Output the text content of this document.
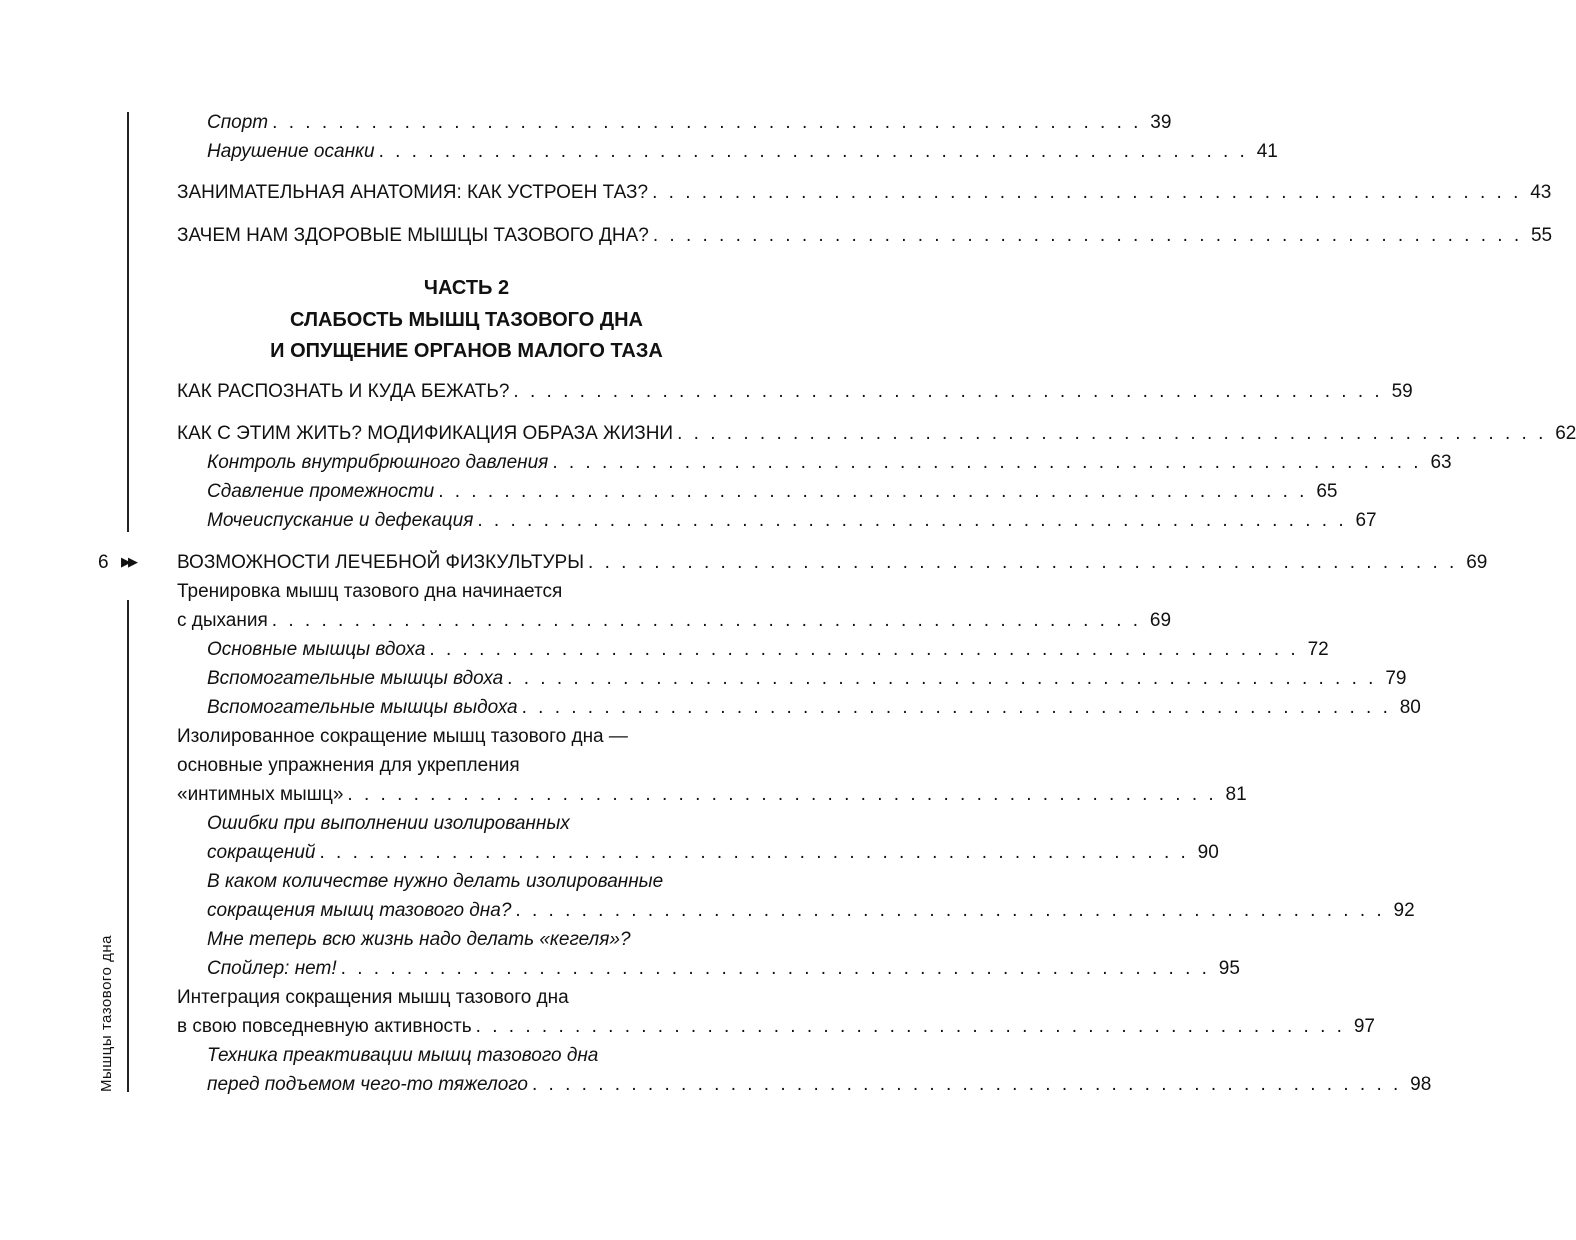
6 ▶▶
Мышцы тазового дна
Спорт . . . . . . . . . . . . . . . . . . . . . . . . . . . . . . . . . . . . . . . . . . . . . . . . . . . . . 39
Нарушение осанки . . . . . . . . . . . . . . . . . . . . . . . . . . . . . . . . . . . . . . . . . . . . . . . . . . . . . 41
ЗАНИМАТЕЛЬНАЯ АНАТОМИЯ: КАК УСТРОЕН ТАЗ? . . . . . . . . . . . . . . . . . . . . . . . . . . . . . . . . . . . . . . . . . . . . . . . . . . . . . 43
ЗАЧЕМ НАМ ЗДОРОВЫЕ МЫШЦЫ ТАЗОВОГО ДНА? . . . . . . . . . . . . . . . . . . . . . . . . . . . . . . . . . . . . . . . . . . . . . . . . . . . . . 55
ЧАСТЬ 2
СЛАБОСТЬ МЫШЦ ТАЗОВОГО ДНА
И ОПУЩЕНИЕ ОРГАНОВ МАЛОГО ТАЗА
КАК РАСПОЗНАТЬ И КУДА БЕЖАТЬ? . . . . . . . . . . . . . . . . . . . . . . . . . . . . . . . . . . . . . . . . . . . . . . . . . . . . . 59
КАК С ЭТИМ ЖИТЬ? МОДИФИКАЦИЯ ОБРАЗА ЖИЗНИ . . . . . . . . . . . . . . . . . . . . . . . . . . . . . . . . . . . . . . . . . . . . . . . . . . . . . 62
Контроль внутрибрюшного давления . . . . . . . . . . . . . . . . . . . . . . . . . . . . . . . . . . . . . . . . . . . . . . . . . . . . . 63
Сдавление промежности . . . . . . . . . . . . . . . . . . . . . . . . . . . . . . . . . . . . . . . . . . . . . . . . . . . . . 65
Мочеиспускание и дефекация . . . . . . . . . . . . . . . . . . . . . . . . . . . . . . . . . . . . . . . . . . . . . . . . . . . . . 67
ВОЗМОЖНОСТИ ЛЕЧЕБНОЙ ФИЗКУЛЬТУРЫ . . . . . . . . . . . . . . . . . . . . . . . . . . . . . . . . . . . . . . . . . . . . . . . . . . . . . 69
Тренировка мышц тазового дна начинается
с дыхания . . . . . . . . . . . . . . . . . . . . . . . . . . . . . . . . . . . . . . . . . . . . . . . . . . . . . 69
Основные мышцы вдоха . . . . . . . . . . . . . . . . . . . . . . . . . . . . . . . . . . . . . . . . . . . . . . . . . . . . . 72
Вспомогательные мышцы вдоха . . . . . . . . . . . . . . . . . . . . . . . . . . . . . . . . . . . . . . . . . . . . . . . . . . . . . 79
Вспомогательные мышцы выдоха . . . . . . . . . . . . . . . . . . . . . . . . . . . . . . . . . . . . . . . . . . . . . . . . . . . . . 80
Изолированное сокращение мышц тазового дна —
основные упражнения для укрепления
«интимных мышц» . . . . . . . . . . . . . . . . . . . . . . . . . . . . . . . . . . . . . . . . . . . . . . . . . . . . . 81
Ошибки при выполнении изолированных
сокращений . . . . . . . . . . . . . . . . . . . . . . . . . . . . . . . . . . . . . . . . . . . . . . . . . . . . . 90
В каком количестве нужно делать изолированные
сокращения мышц тазового дна? . . . . . . . . . . . . . . . . . . . . . . . . . . . . . . . . . . . . . . . . . . . . . . . . . . . . . 92
Мне теперь всю жизнь надо делать «кегеля»?
Спойлер: нет! . . . . . . . . . . . . . . . . . . . . . . . . . . . . . . . . . . . . . . . . . . . . . . . . . . . . . 95
Интеграция сокращения мышц тазового дна
в свою повседневную активность . . . . . . . . . . . . . . . . . . . . . . . . . . . . . . . . . . . . . . . . . . . . . . . . . . . . . 97
Техника преактивации мышц тазового дна
перед подъемом чего-то тяжелого . . . . . . . . . . . . . . . . . . . . . . . . . . . . . . . . . . . . . . . . . . . . . . . . . . . . . 98
